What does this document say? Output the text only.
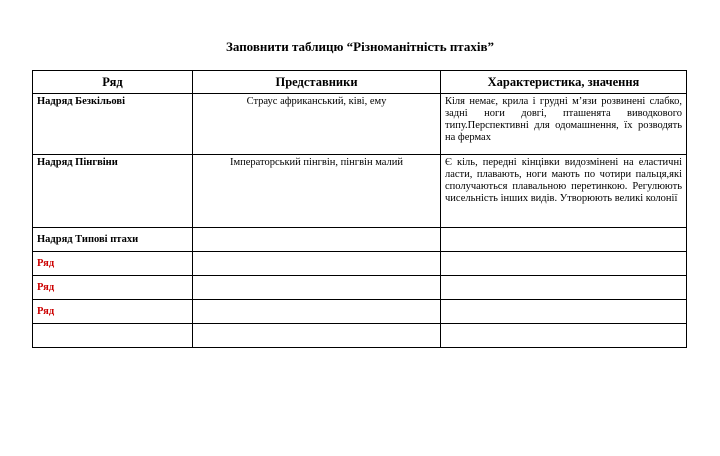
Заповнити таблицю “Різноманітність птахів”
Ряд	Представники	Характеристика, значення
Надряд Безкільові	Страус африканський, ківі, ему	Кіля немає, крила і грудні м’язи розвинені слабко, задні ноги довгі, пташенята виводкового типу.Перспективні для одомашнення, їх розводять на фермах
Надряд Пінгвіни	Імператорський пінгвін, пінгвін малий	Є кіль, передні кінцівки видозмінені на еластичні ласти, плавають, ноги мають по чотири пальця,які сполучаються плавальною перетинкою. Регулюють чисельність інших видів. Утворюють великі колонії
Надряд Типові птахи		
Ряд		
Ряд		
Ряд		
